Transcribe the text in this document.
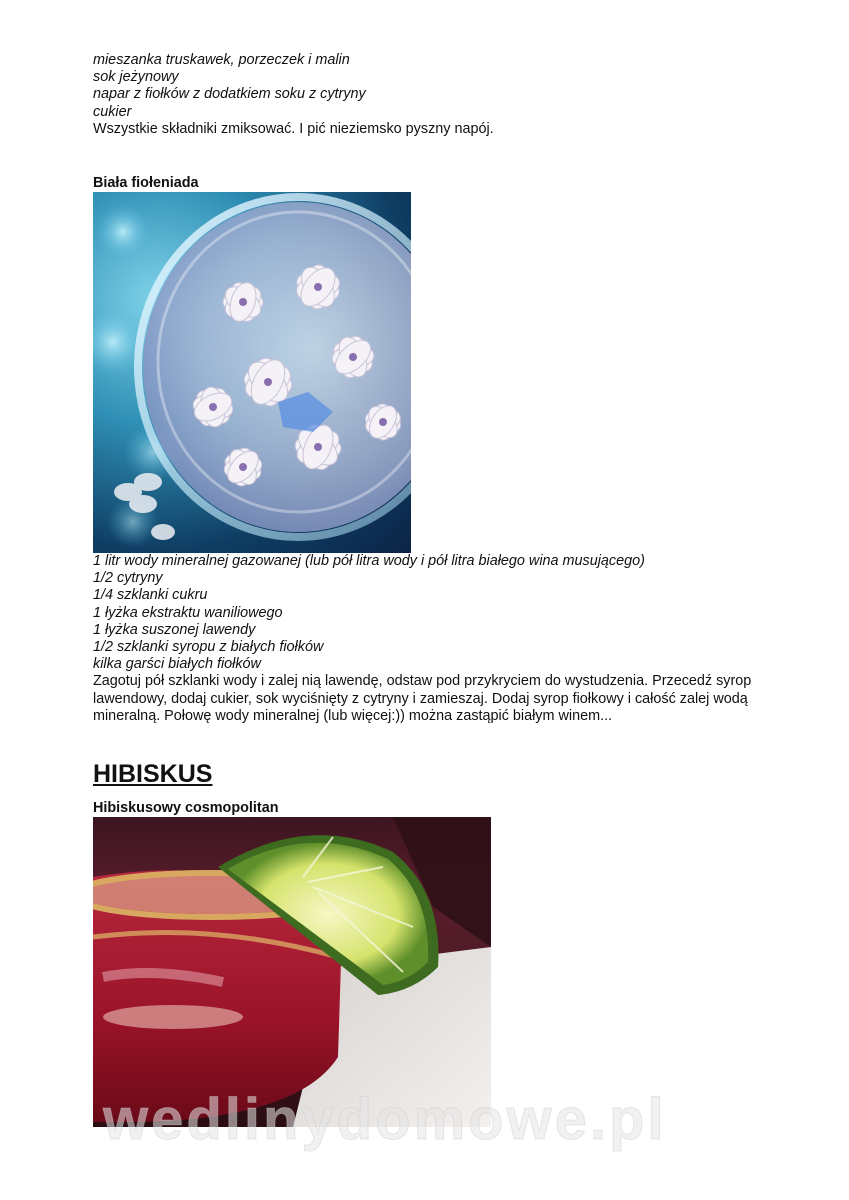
mieszanka truskawek, porzeczek i malin

sok jeżynowy

napar z fiołków z dodatkiem soku z cytryny

cukier

Wszystkie składniki zmiksować. I pić nieziemsko pyszny napój.

Biała fiołeniada

1 litr wody mineralnej gazowanej (lub pół litra wody i pół litra białego wina musującego)

1/2 cytryny

1/4 szklanki cukru

1 łyżka ekstraktu waniliowego

1 łyżka suszonej lawendy

1/2 szklanki syropu z białych fiołków

kilka garści białych fiołków

Zagotuj pół szklanki wody i zalej nią lawendę, odstaw pod przykryciem do wystudzenia. Przecedź syrop

lawendowy, dodaj cukier, sok wyciśnięty z cytryny i zamieszaj. Dodaj syrop fiołkowy i całość zalej wodą

mineralną. Połowę wody mineralnej (lub więcej:)) można zastąpić białym winem...

HIBISKUS

Hibiskusowy cosmopolitan

wedlinydomowe.pl
